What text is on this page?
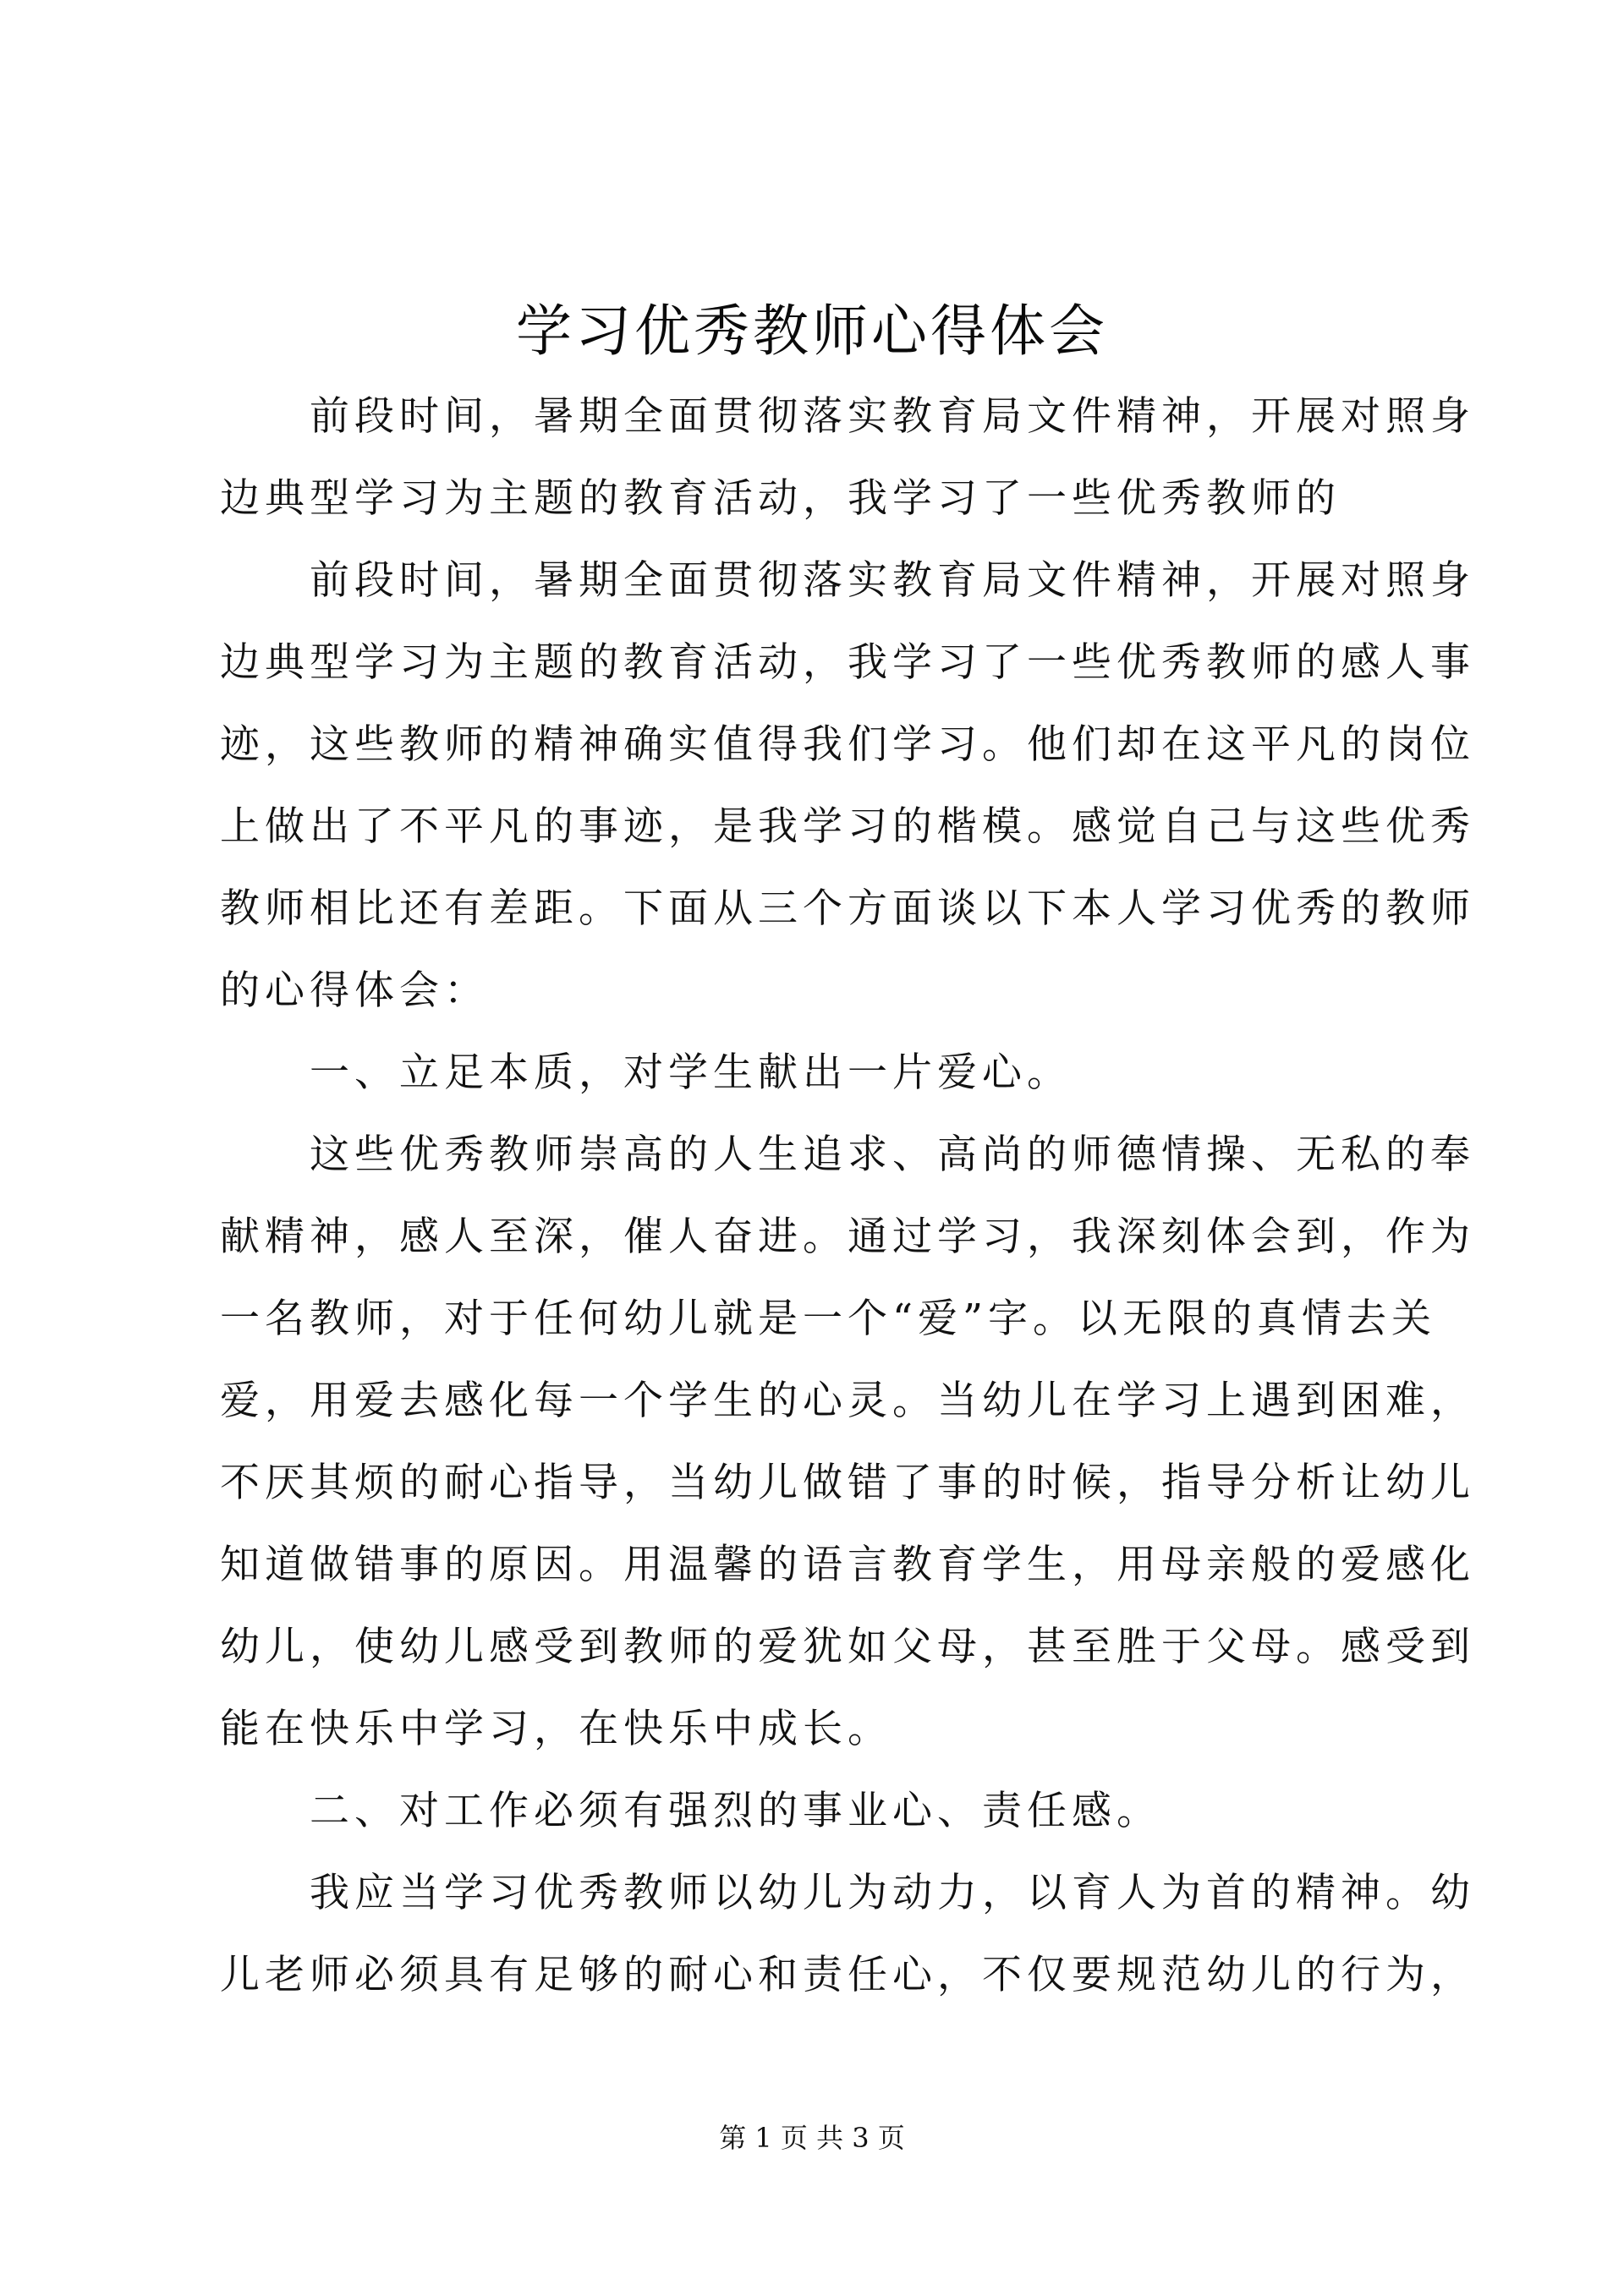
学习优秀教师心得体会
前段时间，暑期全面贯彻落实教育局文件精神，开展对照身
边典型学习为主题的教育活动，我学习了一些优秀教师的
前段时间，暑期全面贯彻落实教育局文件精神，开展对照身
边典型学习为主题的教育活动，我学习了一些优秀教师的感人事
迹，这些教师的精神确实值得我们学习。他们却在这平凡的岗位
上做出了不平凡的事迹，是我学习的楷模。感觉自己与这些优秀
教师相比还有差距。下面从三个方面谈以下本人学习优秀的教师
的心得体会：
一、立足本质，对学生献出一片爱心。
这些优秀教师崇高的人生追求、高尚的师德情操、无私的奉
献精神，感人至深，催人奋进。通过学习，我深刻体会到，作为
一名教师，对于任何幼儿就是一个“爱”字。以无限的真情去关
爱，用爱去感化每一个学生的心灵。当幼儿在学习上遇到困难，
不厌其烦的耐心指导，当幼儿做错了事的时候，指导分析让幼儿
知道做错事的原因。用温馨的语言教育学生，用母亲般的爱感化
幼儿，使幼儿感受到教师的爱犹如父母，甚至胜于父母。感受到
能在快乐中学习，在快乐中成长。
二、对工作必须有强烈的事业心、责任感。
我应当学习优秀教师以幼儿为动力，以育人为首的精神。幼
儿老师必须具有足够的耐心和责任心，不仅要规范幼儿的行为，
第 1 页 共 3 页
